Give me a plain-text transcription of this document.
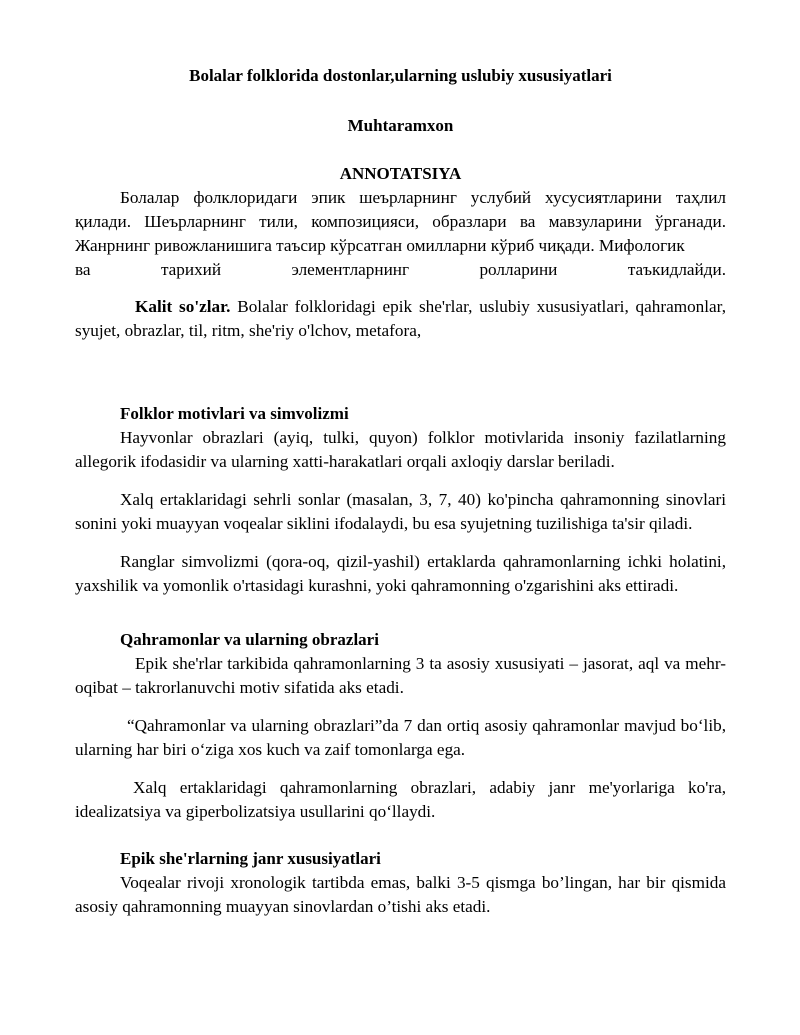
Bolalar folklorida dostonlar,ularning uslubiy xususiyatlari
Muhtaramxon
ANNOTATSIYA

Болалар фолклоридаги эпик шеърларнинг услубий хусусиятларини таҳлил қилади. Шеърларнинг тили, композицияси, образлари ва мавзуларини ўрганади. Жанрнинг ривожланишига таъсир кўрсатган омилларни кўриб чиқади. Мифологик

ва тарихий элементларнинг ролларини таъкидлайди.

Kalit so'zlar. Bolalar folkloridagi epik she'rlar, uslubiy xususiyatlari, qahramonlar, syujet, obrazlar, til, ritm, she'riy o'lchov, metafora,

Folklor motivlari va simvolizmi

Hayvonlar obrazlari (ayiq, tulki, quyon) folklor motivlarida insoniy fazilatlarning allegorik ifodasidir va ularning xatti-harakatlari orqali axloqiy darslar beriladi.

Xalq ertaklaridagi sehrli sonlar (masalan, 3, 7, 40) ko'pincha qahramonning sinovlari sonini yoki muayyan voqealar siklini ifodalaydi, bu esa syujetning tuzilishiga ta'sir qiladi.

Ranglar simvolizmi (qora-oq, qizil-yashil) ertaklarda qahramonlarning ichki holatini, yaxshilik va yomonlik o'rtasidagi kurashni, yoki qahramonning o'zgarishini aks ettiradi.

Qahramonlar va ularning obrazlari

Epik she'rlar tarkibida qahramonlarning 3 ta asosiy xususiyati – jasorat, aql va mehr-oqibat – takrorlanuvchi motiv sifatida aks etadi.

“Qahramonlar va ularning obrazlari”da 7 dan ortiq asosiy qahramonlar mavjud bo‘lib, ularning har biri o‘ziga xos kuch va zaif tomonlarga ega.

Xalq ertaklaridagi qahramonlarning obrazlari, adabiy janr me'yorlariga ko'ra, idealizatsiya va giperbolizatsiya usullarini qo‘llaydi.

Epik she'rlarning janr xususiyatlari

Voqealar rivoji xronologik tartibda emas, balki 3-5 qismga bo’lingan, har bir qismida asosiy qahramonning muayyan sinovlardan o’tishi aks etadi.
